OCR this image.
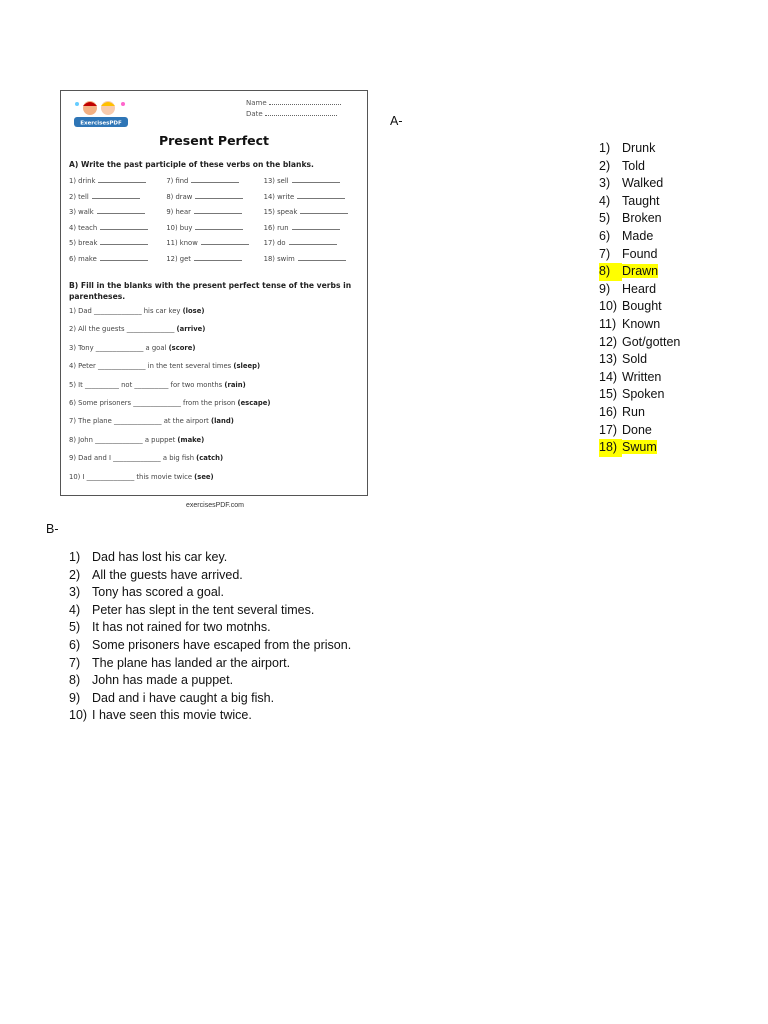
ExercisesPDF
Name
Date
Present Perfect
A) Write the past participle of these verbs on the blanks.
1) drink	7) find	13) sell
2) tell	8) draw	14) write
3) walk	9) hear	15) speak
4) teach	10) buy	16) run
5) break	11) know	17) do
6) make	12) get	18) swim
B) Fill in the blanks with the present perfect tense of the verbs in parentheses.
1) Dad ______________ his car key (lose)
2) All the guests ______________ (arrive)
3) Tony ______________ a goal (score)
4) Peter ______________ in the tent several times (sleep)
5) It __________ not __________ for two months (rain)
6) Some prisoners ______________ from the prison (escape)
7) The plane ______________ at the airport (land)
8) John ______________ a puppet (make)
9) Dad and I ______________ a big fish (catch)
10) I ______________ this movie twice (see)
exercisesPDF.com
A-
1) Drunk
2) Told
3) Walked
4) Taught
5) Broken
6) Made
7) Found
8) Drawn
9) Heard
10) Bought
11) Known
12) Got/gotten
13) Sold
14) Written
15) Spoken
16) Run
17) Done
18) Swum
B-
1) Dad has lost his car key.
2) All the guests have arrived.
3) Tony has scored a goal.
4) Peter has slept in the tent several times.
5) It has not rained for two motnhs.
6) Some prisoners have escaped from the prison.
7) The plane has landed ar the airport.
8) John has made a puppet.
9) Dad and i have caught a big fish.
10) I have seen this movie twice.
